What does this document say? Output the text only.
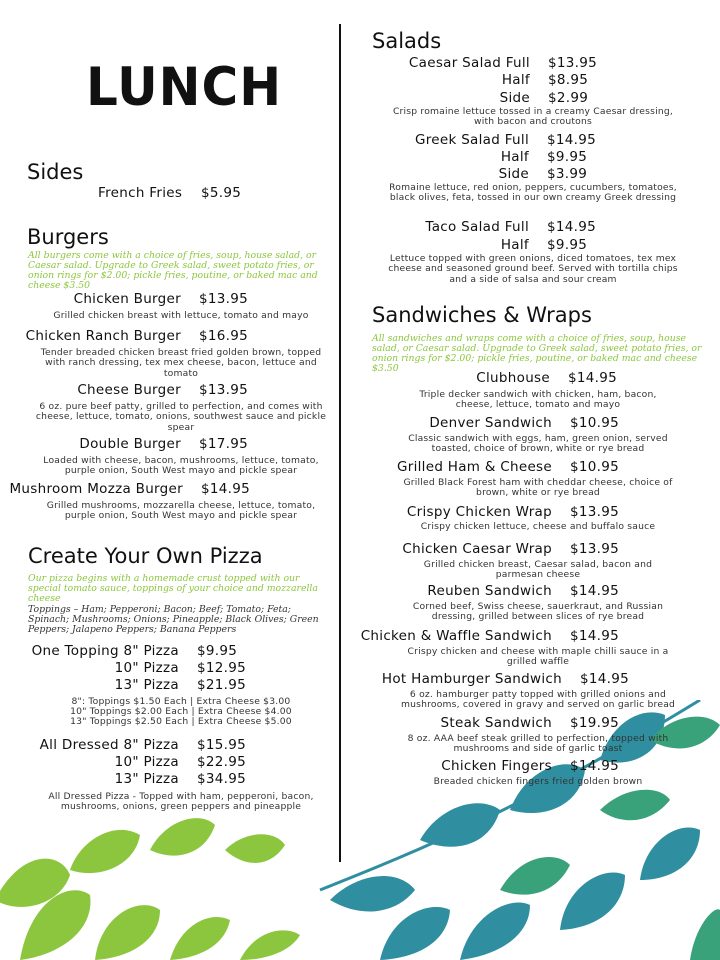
LUNCH
Sides
French Fries $5.95
Burgers
All burgers come with a choice of fries, soup, house salad, or Caesar salad. Upgrade to Greek salad, sweet potato fries, or onion rings for $2.00; pickle fries, poutine, or baked mac and cheese $3.50
Chicken Burger $13.95
Grilled chicken breast with lettuce, tomato and mayo
Chicken Ranch Burger $16.95
Tender breaded chicken breast fried golden brown, topped with ranch dressing, tex mex cheese, bacon, lettuce and tomato
Cheese Burger $13.95
6 oz. pure beef patty, grilled to perfection, and comes with cheese, lettuce, tomato, onions, southwest sauce and pickle spear
Double Burger $17.95
Loaded with cheese, bacon, mushrooms, lettuce, tomato, purple onion, South West mayo and pickle spear
Mushroom Mozza Burger $14.95
Grilled mushrooms, mozzarella cheese, lettuce, tomato, purple onion, South West mayo and pickle spear
Create Your Own Pizza
Our pizza begins with a homemade crust topped with our special tomato sauce, toppings of your choice and mozzarella cheese
Toppings – Ham; Pepperoni; Bacon; Beef; Tomato; Feta; Spinach; Mushrooms; Onions; Pineapple; Black Olives; Green Peppers; Jalapeno Peppers; Banana Peppers
One Topping 8" Pizza $9.95
10" Pizza $12.95
13" Pizza $21.95
8": Toppings $1.50 Each | Extra Cheese $3.00
10" Toppings $2.00 Each | Extra Cheese $4.00
13" Toppings $2.50 Each | Extra Cheese $5.00
All Dressed 8" Pizza $15.95
10" Pizza $22.95
13" Pizza $34.95
All Dressed Pizza - Topped with ham, pepperoni, bacon, mushrooms, onions, green peppers and pineapple
Salads
Caesar Salad Full $13.95
Half $8.95
Side $2.99
Crisp romaine lettuce tossed in a creamy Caesar dressing, with bacon and croutons
Greek Salad Full $14.95
Half $9.95
Side $3.99
Romaine lettuce, red onion, peppers, cucumbers, tomatoes, black olives, feta, tossed in our own creamy Greek dressing
Taco Salad Full $14.95
Half $9.95
Lettuce topped with green onions, diced tomatoes, tex mex cheese and seasoned ground beef. Served with tortilla chips and a side of salsa and sour cream
Sandwiches & Wraps
All sandwiches and wraps come with a choice of fries, soup, house salad, or Caesar salad. Upgrade to Greek salad, sweet potato fries, or onion rings for $2.00; pickle fries, poutine, or baked mac and cheese $3.50
Clubhouse $14.95
Triple decker sandwich with chicken, ham, bacon, cheese, lettuce, tomato and mayo
Denver Sandwich $10.95
Classic sandwich with eggs, ham, green onion, served toasted, choice of brown, white or rye bread
Grilled Ham & Cheese $10.95
Grilled Black Forest ham with cheddar cheese, choice of brown, white or rye bread
Crispy Chicken Wrap $13.95
Crispy chicken lettuce, cheese and buffalo sauce
Chicken Caesar Wrap $13.95
Grilled chicken breast, Caesar salad, bacon and parmesan cheese
Reuben Sandwich $14.95
Corned beef, Swiss cheese, sauerkraut, and Russian dressing, grilled between slices of rye bread
Chicken & Waffle Sandwich $14.95
Crispy chicken and cheese with maple chilli sauce in a grilled waffle
Hot Hamburger Sandwich $14.95
6 oz. hamburger patty topped with grilled onions and mushrooms, covered in gravy and served on garlic bread
Steak Sandwich $19.95
8 oz. AAA beef steak grilled to perfection, topped with mushrooms and side of garlic toast
Chicken Fingers $14.95
Breaded chicken fingers fried golden brown
